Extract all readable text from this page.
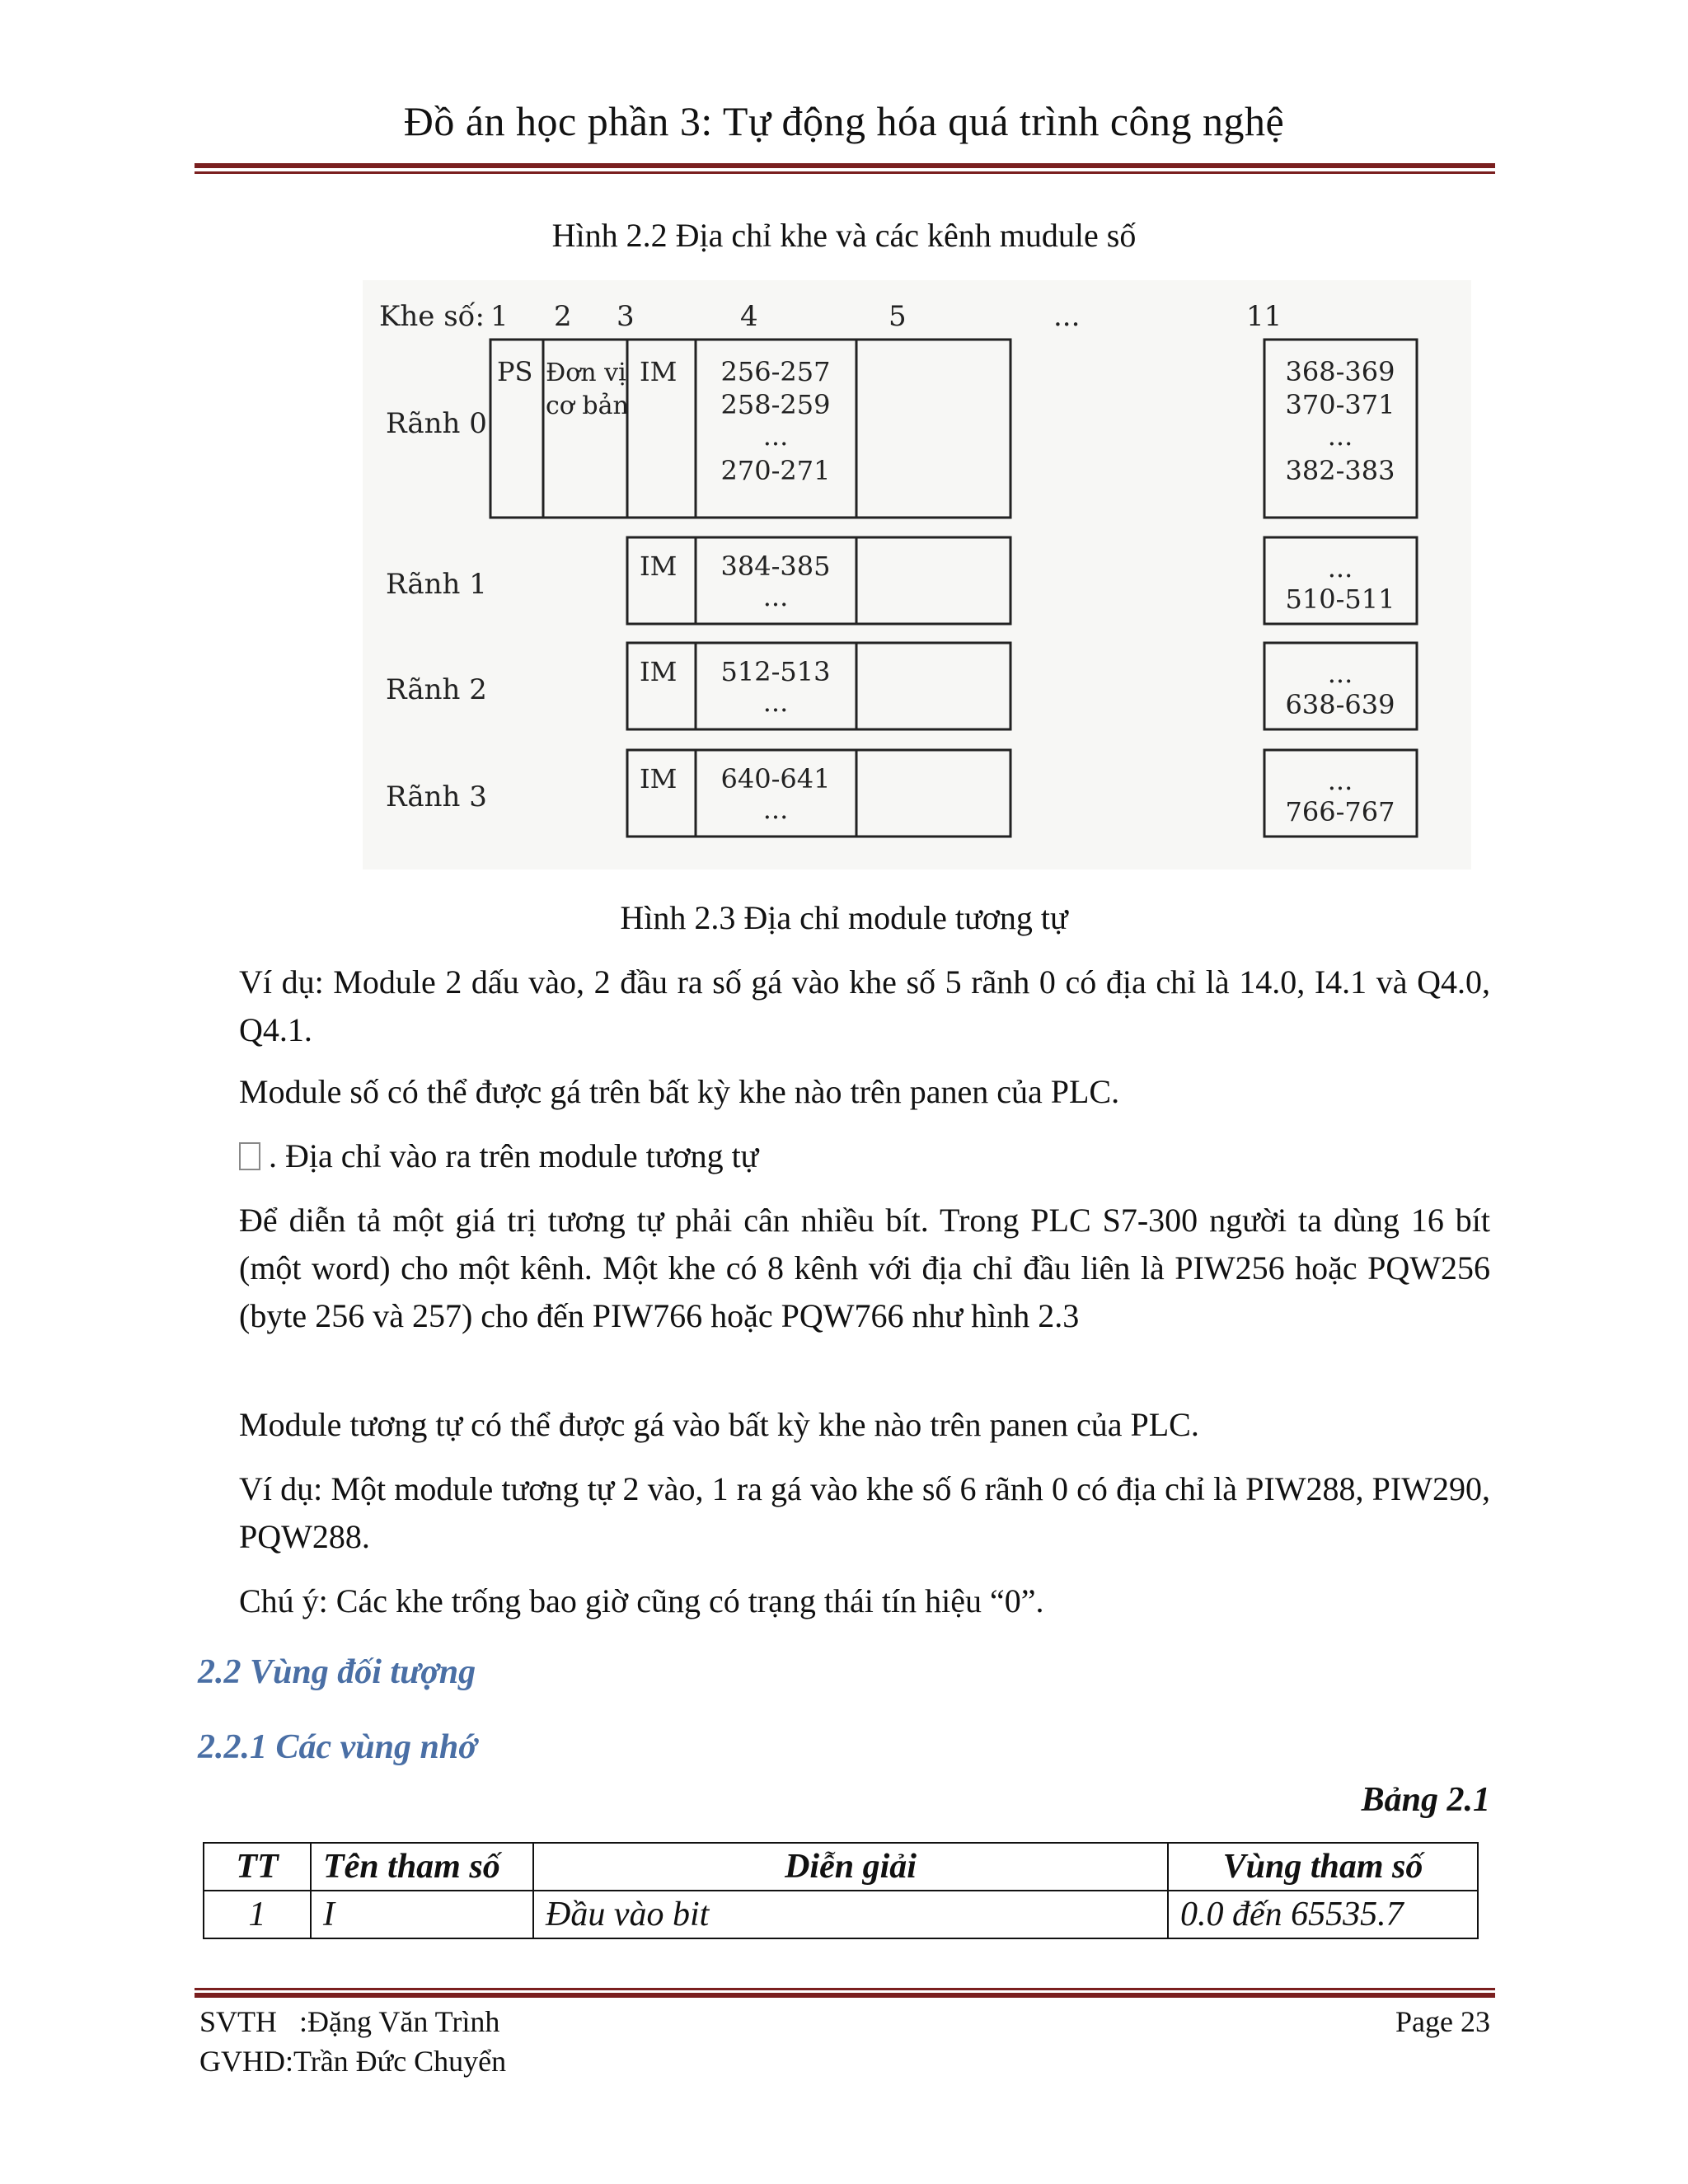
Đồ án học phần 3: Tự động hóa quá trình công nghệ
Hình 2.2 Địa chỉ khe và các kênh mudule số
Khe số: 1 2 3	4	5	...	11
Rãnh 0
Rãnh 1
Rãnh 2
Rãnh 3
PS Đơn vị
cơ bản
IM 256-257
258-259
...
270-271
368-369
370-371
...
382-383
IM 384-385
...
...
510-511
IM 512-513
...
...
638-639
IM 640-641
...
...
766-767
Hình 2.3 Địa chỉ module tương tự
Ví dụ: Module 2 dấu vào, 2 đầu ra số gá vào khe số 5 rãnh 0 có địa chỉ là 14.0, I4.1 và Q4.0, Q4.1.
Module số có thể được gá trên bất kỳ khe nào trên panen của PLC.
. Địa chỉ vào ra trên module tương tự
Để diễn tả một giá trị tương tự phải cân nhiều bít. Trong PLC S7-300 người ta dùng 16 bít (một word) cho một kênh. Một khe có 8 kênh với địa chỉ đầu liên là PIW256 hoặc PQW256 (byte 256 và 257) cho đến PIW766 hoặc PQW766 như hình 2.3
Module tương tự có thể được gá vào bất kỳ khe nào trên panen của PLC.
Ví dụ: Một module tương tự 2 vào, 1 ra gá vào khe số 6 rãnh 0 có địa chỉ là PIW288, PIW290, PQW288.
Chú ý: Các khe trống bao giờ cũng có trạng thái tín hiệu “0”.
2.2 Vùng đối tượng
2.2.1 Các vùng nhớ
Bảng 2.1
TT	Tên tham số	Diễn giải	Vùng tham số
1	I	Đầu vào bit	0.0 đến 65535.7
SVTH   :Đặng Văn Trình
GVHD:Trần Đức Chuyển
Page 23
